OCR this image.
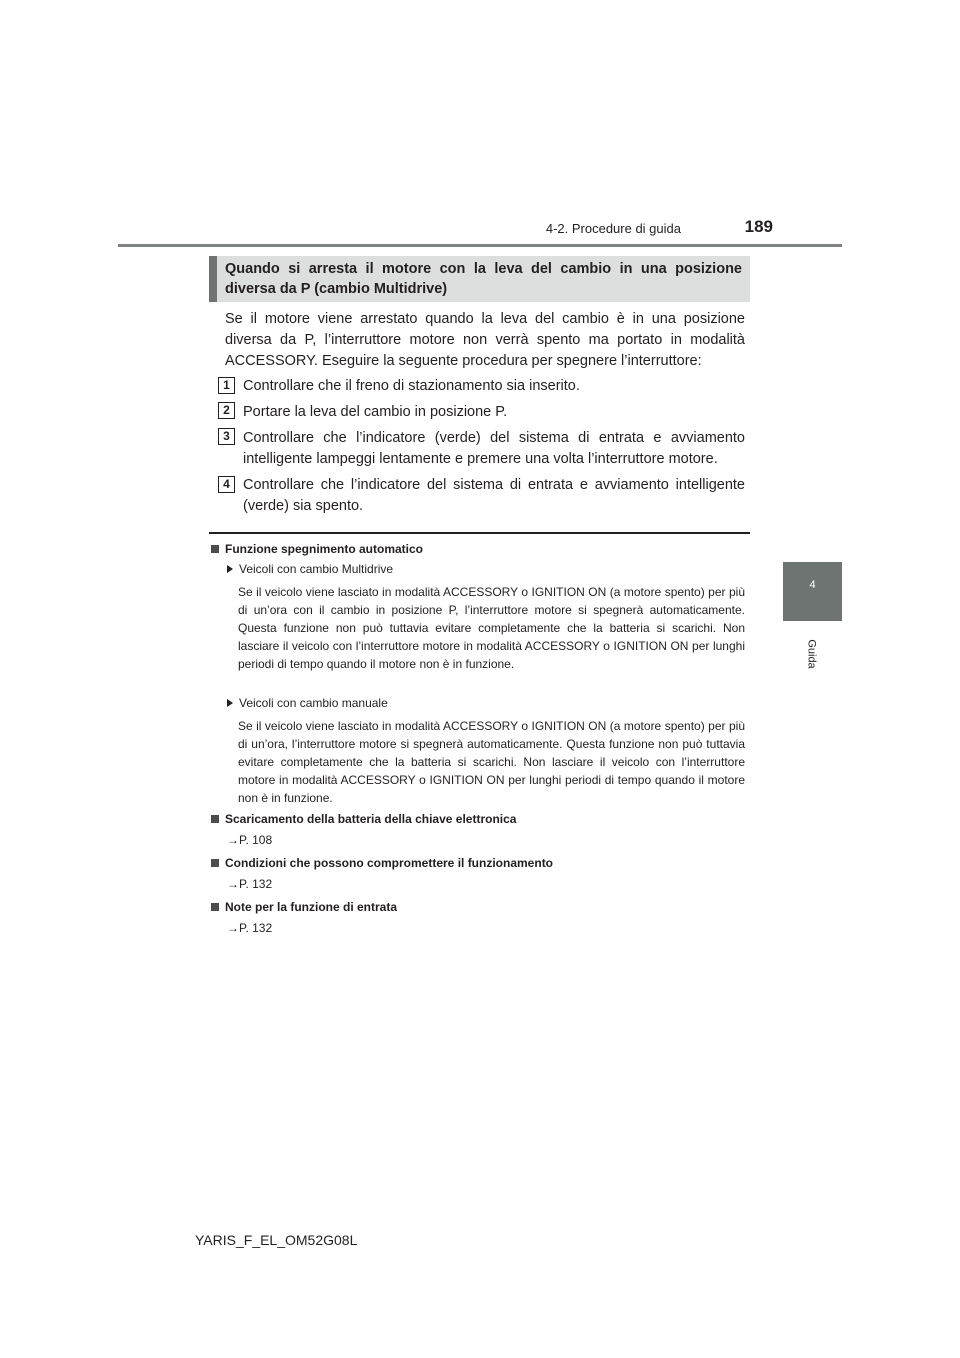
4-2. Procedure di guida	189
4
Guida
Quando si arresta il motore con la leva del cambio in una posizione diversa da P (cambio Multidrive)
Se il motore viene arrestato quando la leva del cambio è in una posizione diversa da P, l’interruttore motore non verrà spento ma portato in modalità ACCESSORY. Eseguire la seguente procedura per spegnere l’interruttore:
1 Controllare che il freno di stazionamento sia inserito.
2 Portare la leva del cambio in posizione P.
3 Controllare che l’indicatore (verde) del sistema di entrata e avviamento intelligente lampeggi lentamente e premere una volta l’interruttore motore.
4 Controllare che l’indicatore del sistema di entrata e avviamento intelligente (verde) sia spento.
Funzione spegnimento automatico
Veicoli con cambio Multidrive
Se il veicolo viene lasciato in modalità ACCESSORY o IGNITION ON (a motore spento) per più di un’ora con il cambio in posizione P, l’interruttore motore si spegnerà automaticamente. Questa funzione non può tuttavia evitare completamente che la batteria si scarichi. Non lasciare il veicolo con l’interruttore motore in modalità ACCESSORY o IGNITION ON per lunghi periodi di tempo quando il motore non è in funzione.
Veicoli con cambio manuale
Se il veicolo viene lasciato in modalità ACCESSORY o IGNITION ON (a motore spento) per più di un’ora, l’interruttore motore si spegnerà automaticamente. Questa funzione non può tuttavia evitare completamente che la batteria si scarichi. Non lasciare il veicolo con l’interruttore motore in modalità ACCESSORY o IGNITION ON per lunghi periodi di tempo quando il motore non è in funzione.
Scaricamento della batteria della chiave elettronica
→P. 108
Condizioni che possono compromettere il funzionamento
→P. 132
Note per la funzione di entrata
→P. 132
YARIS_F_EL_OM52G08L
